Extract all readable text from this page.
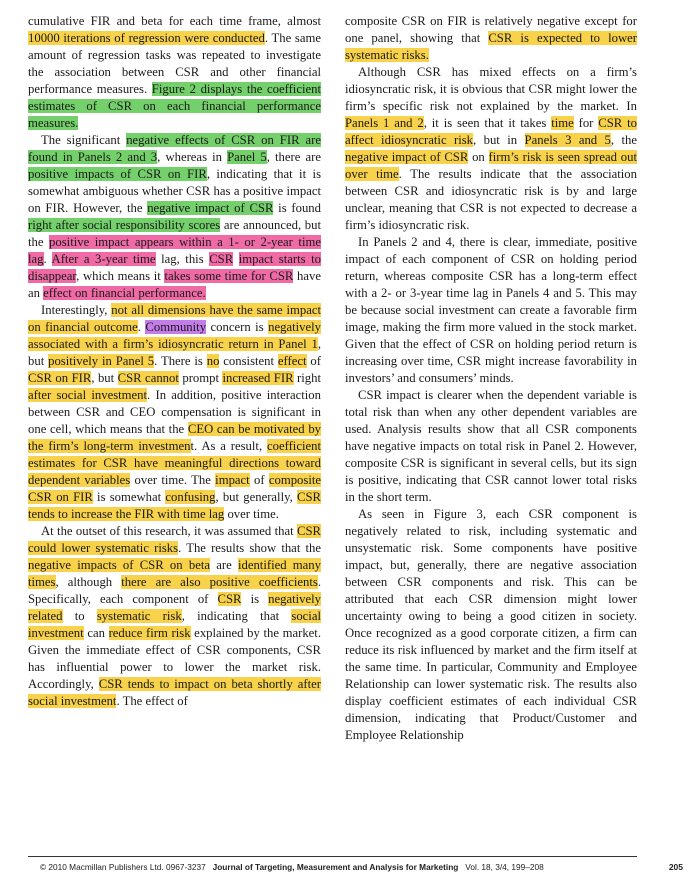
cumulative FIR and beta for each time frame, almost 10000 iterations of regression were conducted. The same amount of regression tasks was repeated to investigate the association between CSR and other financial performance measures. Figure 2 displays the coefficient estimates of CSR on each financial performance measures.

The significant negative effects of CSR on FIR are found in Panels 2 and 3, whereas in Panel 5, there are positive impacts of CSR on FIR, indicating that it is somewhat ambiguous whether CSR has a positive impact on FIR. However, the negative impact of CSR is found right after social responsibility scores are announced, but the positive impact appears within a 1- or 2-year time lag. After a 3-year time lag, this CSR impact starts to disappear, which means it takes some time for CSR have an effect on financial performance.

Interestingly, not all dimensions have the same impact on financial outcome. Community concern is negatively associated with a firm’s idiosyncratic return in Panel 1, but positively in Panel 5. There is no consistent effect of CSR on FIR, but CSR cannot prompt increased FIR right after social investment. In addition, positive interaction between CSR and CEO compensation is significant in one cell, which means that the CEO can be motivated by the firm’s long-term investment. As a result, coefficient estimates for CSR have meaningful directions toward dependent variables over time. The impact of composite CSR on FIR is somewhat confusing, but generally, CSR tends to increase the FIR with time lag over time.

At the outset of this research, it was assumed that CSR could lower systematic risks. The results show that the negative impacts of CSR on beta are identified many times, although there are also positive coefficients. Specifically, each component of CSR is negatively related to systematic risk, indicating that social investment can reduce firm risk explained by the market. Given the immediate effect of CSR components, CSR has influential power to lower the market risk. Accordingly, CSR tends to impact on beta shortly after social investment. The effect of

composite CSR on FIR is relatively negative except for one panel, showing that CSR is expected to lower systematic risks.

Although CSR has mixed effects on a firm’s idiosyncratic risk, it is obvious that CSR might lower the firm’s specific risk not explained by the market. In Panels 1 and 2, it is seen that it takes time for CSR to affect idiosyncratic risk, but in Panels 3 and 5, the negative impact of CSR on firm’s risk is seen spread out over time. The results indicate that the association between CSR and idiosyncratic risk is by and large unclear, meaning that CSR is not expected to decrease a firm’s idiosyncratic risk.

In Panels 2 and 4, there is clear, immediate, positive impact of each component of CSR on holding period return, whereas composite CSR has a long-term effect with a 2- or 3-year time lag in Panels 4 and 5. This may be because social investment can create a favorable firm image, making the firm more valued in the stock market. Given that the effect of CSR on holding period return is increasing over time, CSR might increase favorability in investors’ and consumers’ minds.

CSR impact is clearer when the dependent variable is total risk than when any other dependent variables are used. Analysis results show that all CSR components have negative impacts on total risk in Panel 2. However, composite CSR is significant in several cells, but its sign is positive, indicating that CSR cannot lower total risks in the short term.

As seen in Figure 3, each CSR component is negatively related to risk, including systematic and unsystematic risk. Some components have positive impact, but, generally, there are negative association between CSR components and risk. This can be attributed that each CSR dimension might lower uncertainty owing to being a good citizen in society. Once recognized as a good corporate citizen, a firm can reduce its risk influenced by market and the firm itself at the same time. In particular, Community and Employee Relationship can lower systematic risk. The results also display coefficient estimates of each individual CSR dimension, indicating that Product/Customer and Employee Relationship

© 2010 Macmillan Publishers Ltd. 0967-3237 Journal of Targeting, Measurement and Analysis for Marketing Vol. 18, 3/4, 199–208	205
